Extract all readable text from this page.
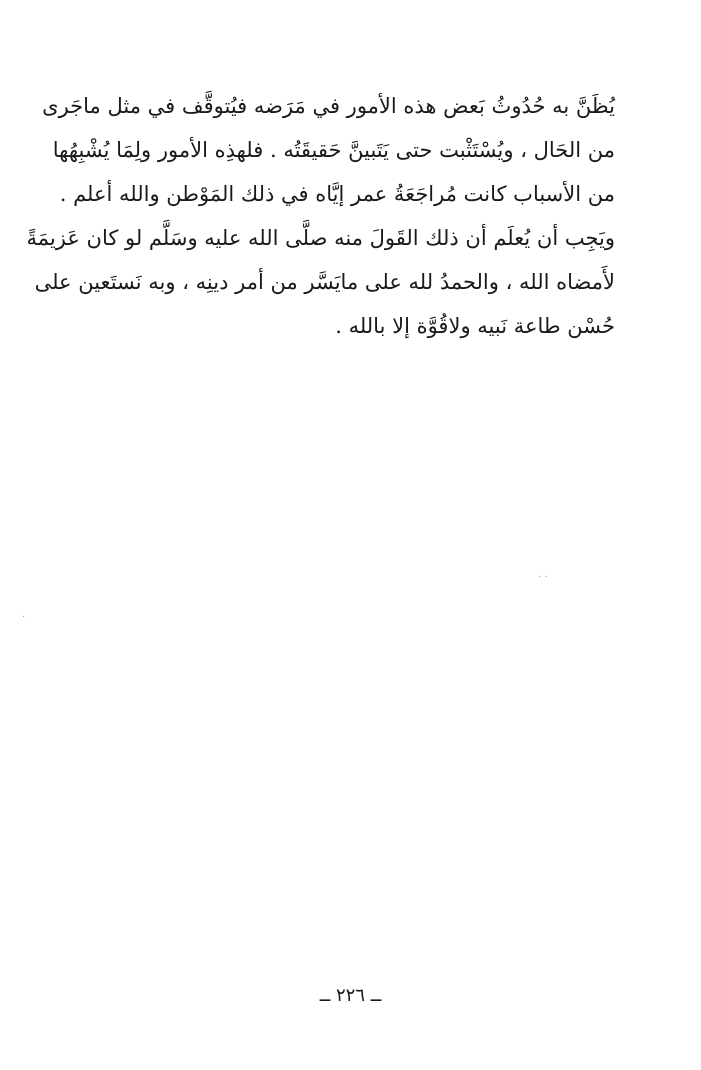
يُظَنَّ به حُدُوثُ بَعض هذه الأمور في مَرَضه فيُتوقَّف في مثل ماجَرى
من الحَال ، ويُسْتَثْبت حتى يَتَبينَّ حَقيقَتُه . فلهذِه الأمور ولِمَا يُشْبِهُها
من الأسباب كانت مُراجَعَةُ عمر إيَّاه في ذلك المَوْطن والله أعلم .
ويَجِب أن يُعلَم أن ذلك القَولَ منه صلَّى الله عليه وسَلَّم لو كان عَزيمَةً
لأَمضاه الله ، والحمدُ لله على مايَسَّر من أمر دينِه ، وبه نَستَعين على
حُسْن طاعة نَبيه ولاقُوَّة إلا بالله .
· ·
·
ــ ٢٢٦ ــ
